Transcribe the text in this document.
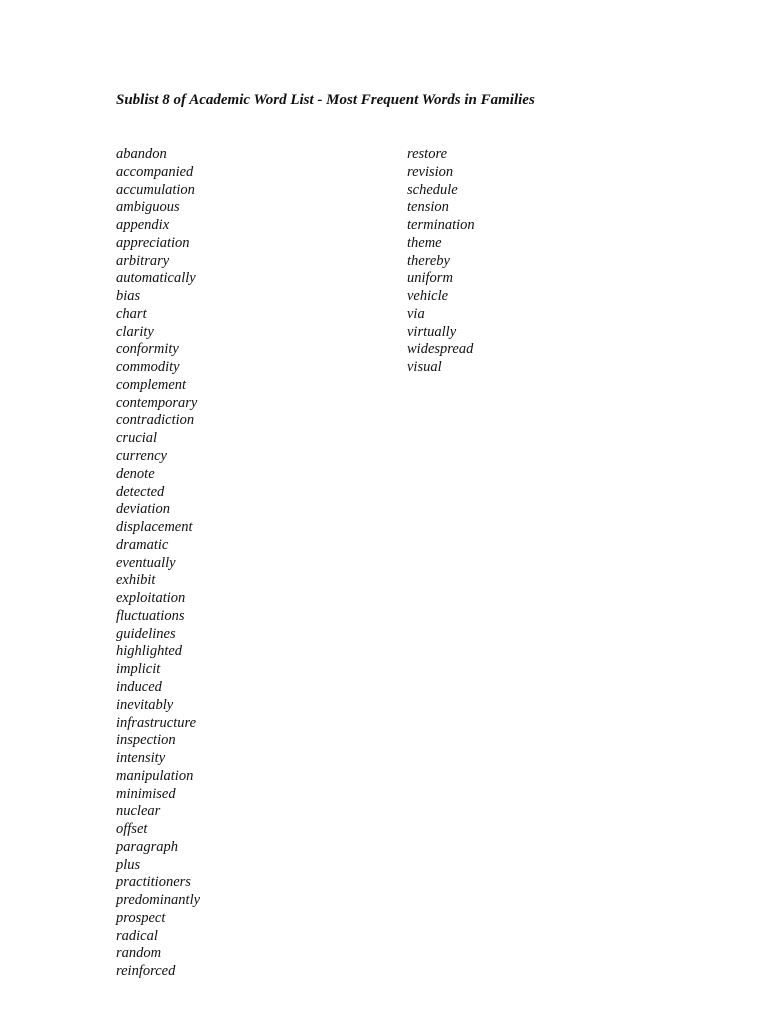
Sublist 8 of Academic Word List - Most Frequent Words in Families
abandon
accompanied
accumulation
ambiguous
appendix
appreciation
arbitrary
automatically
bias
chart
clarity
conformity
commodity
complement
contemporary
contradiction
crucial
currency
denote
detected
deviation
displacement
dramatic
eventually
exhibit
exploitation
fluctuations
guidelines
highlighted
implicit
induced
inevitably
infrastructure
inspection
intensity
manipulation
minimised
nuclear
offset
paragraph
plus
practitioners
predominantly
prospect
radical
random
reinforced
restore
revision
schedule
tension
termination
theme
thereby
uniform
vehicle
via
virtually
widespread
visual
